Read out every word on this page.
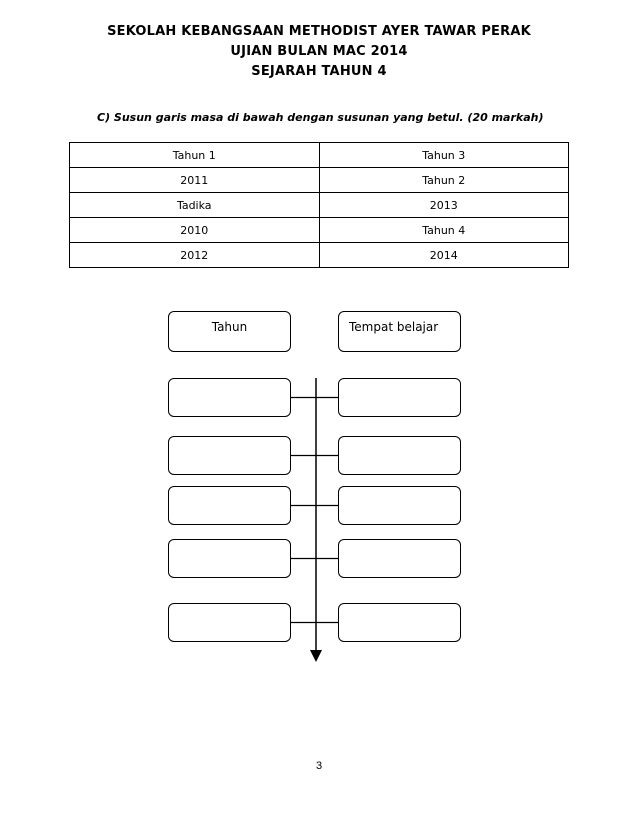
SEKOLAH KEBANGSAAN METHODIST AYER TAWAR PERAK
UJIAN BULAN MAC 2014
SEJARAH TAHUN 4
C) Susun garis masa di bawah dengan susunan yang betul. (20 markah)
Tahun 1	Tahun 3
2011	Tahun 2
Tadika	2013
2010	Tahun 4
2012	2014
Tahun	Tempat belajar
3
